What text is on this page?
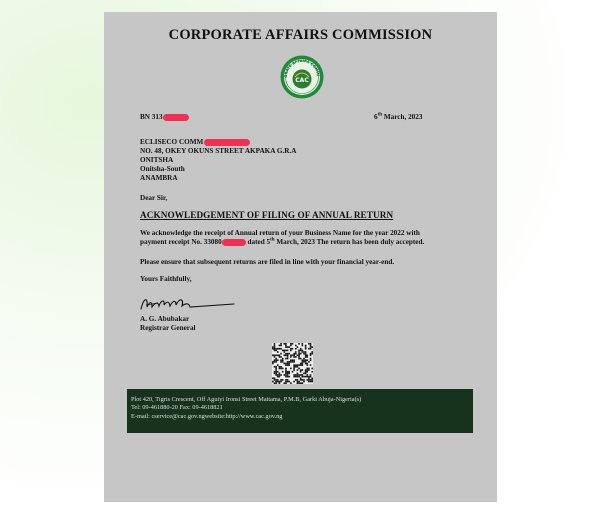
CORPORATE AFFAIRS COMMISSION
ORATE AFFAIRS COMMI
CAC
BN 313	6th March, 2023
ECLISECO COMM
NO. 48, OKEY OKUNS STREET AKPAKA G.R.A
ONITSHA
Onitsha-South
ANAMBRA
Dear Sir,
ACKNOWLEDGEMENT OF FILING OF ANNUAL RETURN
We acknowledge the receipt of Annual return of your Business Name for the year 2022 with
payment receipt No. 33080	dated 5th March, 2023 The return has been duly accepted.
Please ensure that subsequent returns are filed in line with your financial year-end.
Yours Faithfully,
A. G. Abubakar
Registrar General
Plot 420, Tigris Crescent, Off Aguiyi Ironsi Street Maitama, P.M.B, Garki Abuja-Nigeria(s)
Tel: 09-461880-20 Fax: 09-4618821
E-mail: cservice@cac.gov.ngwebsite:http://www.cac.gov.ng
